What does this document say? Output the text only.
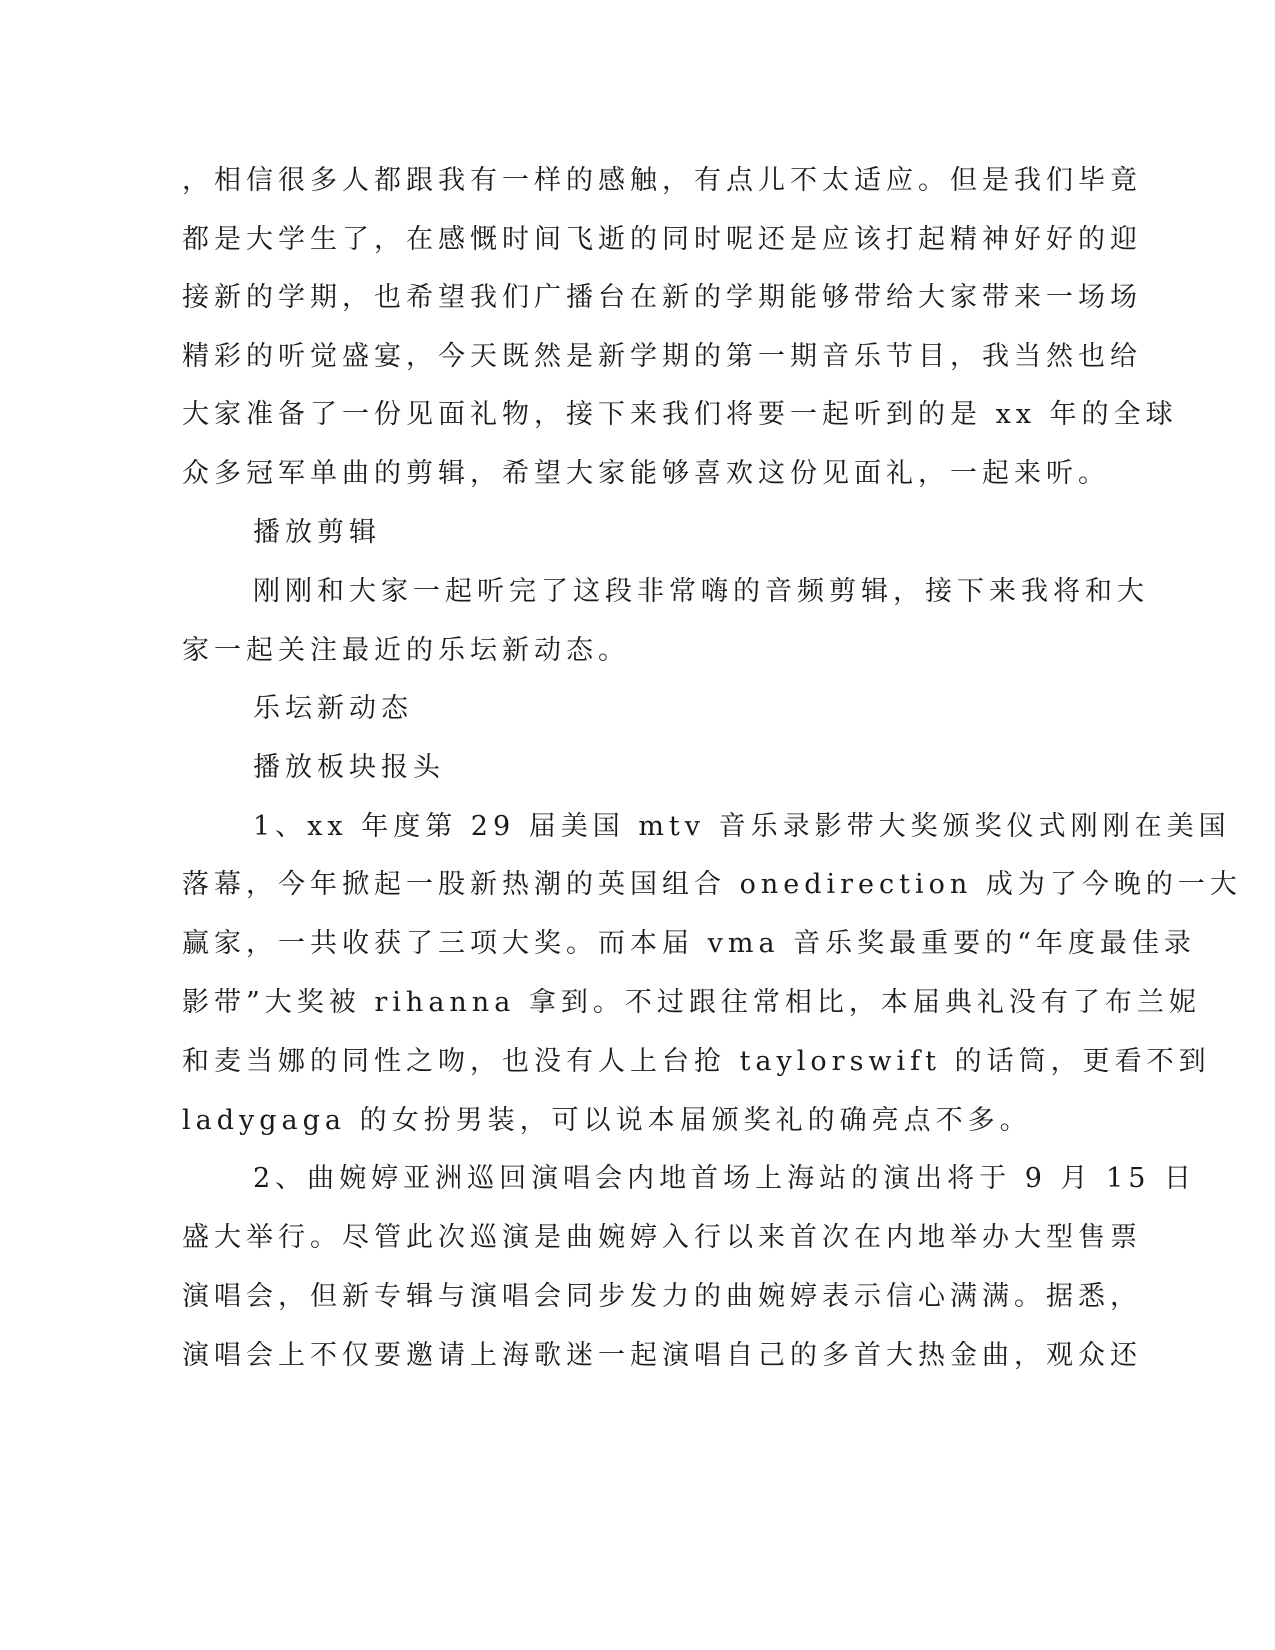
，相信很多人都跟我有一样的感触，有点儿不太适应。但是我们毕竟
都是大学生了，在感慨时间飞逝的同时呢还是应该打起精神好好的迎
接新的学期，也希望我们广播台在新的学期能够带给大家带来一场场
精彩的听觉盛宴，今天既然是新学期的第一期音乐节目，我当然也给
大家准备了一份见面礼物，接下来我们将要一起听到的是 xx 年的全球
众多冠军单曲的剪辑，希望大家能够喜欢这份见面礼，一起来听。
播放剪辑
刚刚和大家一起听完了这段非常嗨的音频剪辑，接下来我将和大
家一起关注最近的乐坛新动态。
乐坛新动态
播放板块报头
1、xx 年度第 29 届美国 mtv 音乐录影带大奖颁奖仪式刚刚在美国
落幕，今年掀起一股新热潮的英国组合 onedirection 成为了今晚的一大
赢家，一共收获了三项大奖。而本届 vma 音乐奖最重要的“年度最佳录
影带”大奖被 rihanna 拿到。不过跟往常相比，本届典礼没有了布兰妮
和麦当娜的同性之吻，也没有人上台抢 taylorswift 的话筒，更看不到
ladygaga 的女扮男装，可以说本届颁奖礼的确亮点不多。
2、曲婉婷亚洲巡回演唱会内地首场上海站的演出将于 9 月 15 日
盛大举行。尽管此次巡演是曲婉婷入行以来首次在内地举办大型售票
演唱会，但新专辑与演唱会同步发力的曲婉婷表示信心满满。据悉，
演唱会上不仅要邀请上海歌迷一起演唱自己的多首大热金曲，观众还
